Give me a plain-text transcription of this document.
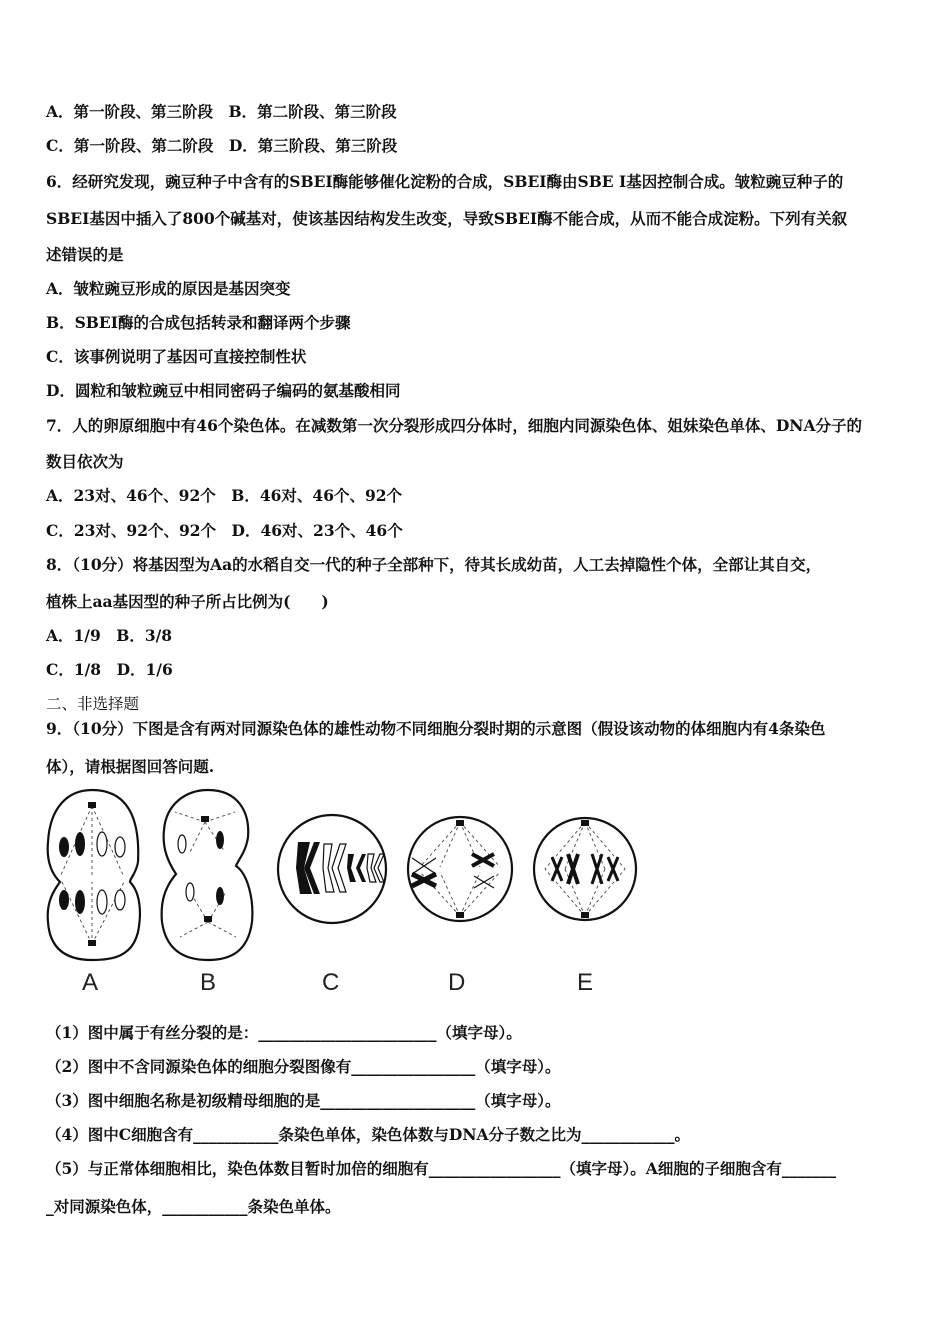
A．第一阶段、第三阶段　B．第二阶段、第三阶段
C．第一阶段、第二阶段　D．第三阶段、第三阶段
6．经研究发现，豌豆种子中含有的SBEI酶能够催化淀粉的合成，SBEI酶由SBE I基因控制合成。皱粒豌豆种子的
SBEI基因中插入了800个碱基对，使该基因结构发生改变，导致SBEI酶不能合成，从而不能合成淀粉。下列有关叙
述错误的是
A．皱粒豌豆形成的原因是基因突变
B．SBEI酶的合成包括转录和翻译两个步骤
C．该事例说明了基因可直接控制性状
D．圆粒和皱粒豌豆中相同密码子编码的氨基酸相同
7．人的卵原细胞中有46个染色体。在减数第一次分裂形成四分体时，细胞内同源染色体、姐妹染色单体、DNA分子的
数目依次为
A．23对、46个、92个　B．46对、46个、92个
C．23对、92个、92个　D．46对、23个、46个
8．（10分）将基因型为Aa的水稻自交一代的种子全部种下，待其长成幼苗，人工去掉隐性个体，全部让其自交，
植株上aa基因型的种子所占比例为(　　)
A．1/9　B．3/8
C．1/8　D．1/6
二、非选择题
9．（10分）下图是含有两对同源染色体的雄性动物不同细胞分裂时期的示意图（假设该动物的体细胞内有4条染色
体），请根据图回答问题.
A	B	C	D	E
（1）图中属于有丝分裂的是：_______________________（填字母）。
（2）图中不含同源染色体的细胞分裂图像有________________（填字母）。
（3）图中细胞名称是初级精母细胞的是____________________（填字母）。
（4）图中C细胞含有___________条染色单体，染色体数与DNA分子数之比为____________。
（5）与正常体细胞相比，染色体数目暂时加倍的细胞有_________________（填字母）。A细胞的子细胞含有_______
_对同源染色体，___________条染色单体。
